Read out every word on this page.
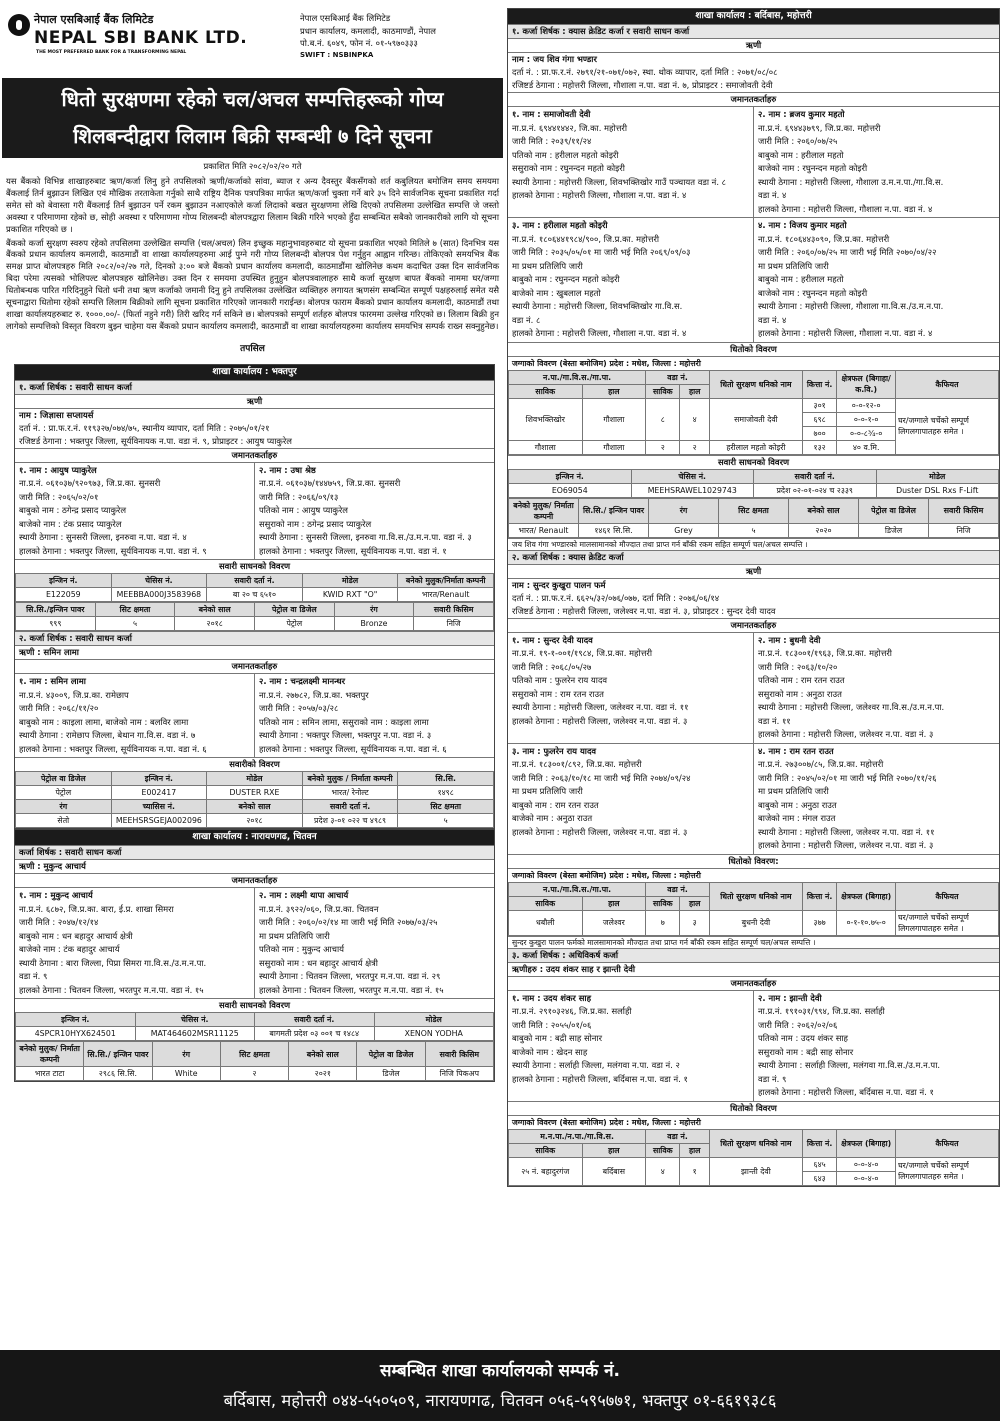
नेपाल एसबिआई बैंक लिमिटेड
NEPAL SBI BANK LTD.
THE MOST PREFERRED BANK FOR A TRANSFORMING NEPAL
नेपाल एसबिआई बैंक लिमिटेड
प्रधान कार्यालय, कमलादी, काठमाण्डौं, नेपाल
पो.ब.नं. ६०४९, फोन नं. ०१-५९७०३३३
SWIFT : NSBINPKA
धितो सुरक्षणमा रहेको चल/अचल सम्पत्तिहरूको गोप्य
शिलबन्दीद्वारा लिलाम बिक्री सम्बन्धी ७ दिने सूचना
प्रकाशित मिति २०८२/०२/२० गते

यस बैंकको विभिन्न शाखाहरुबाट ऋण/कर्जा लिनु हुने तपसिलको ऋणी/कर्जाको सांवा, ब्याज र अन्य दैवस्तुर बैंकसँगको शर्त कबुलियत बमोजिम समय समयमा बैंकलाई तिर्न बुझाउन लिखित एवं मौखिक तरताकेता गर्नुको साथै राष्ट्रिय दैनिक पत्रपत्रिका मार्फत ऋण/कर्जा चुक्ता गर्ने बारे ३५ दिने सार्वजनिक सूचना प्रकाशित गर्दा समेत सो को बेवास्ता गरी बैंकलाई तिर्न बुझाउन पर्ने रकम बुझाउन नआएकोले कर्जा लिदाको बखत सुरक्षणमा लेखि दिएको तपसिलमा उल्लेखित सम्पत्ति जे जस्तो अवस्था र परिमाणमा रहेको छ, सोही अवस्था र परिमाणमा गोप्य शिलबन्दी बोलपत्रद्वारा लिलाम बिक्री गरिने भएको हुँदा सम्बन्धित सबैको जानकारीको लागि यो सूचना प्रकाशित गरिएको छ ।

बैंकको कर्जा सुरक्षण स्वरुप रहेको तपसिलमा उल्लेखित सम्पत्ति (चल/अचल) लिन इच्छुक महानुभावहरुबाट यो सूचना प्रकाशित भएको मितिले ७ (सात) दिनभित्र यस बैंकको प्रधान कार्यालय कमलादी, काठमाडौं वा शाखा कार्यालयहरुमा आई पुग्ने गरी गोप्य शिलबन्दी बोलपत्र पेश गर्नुहुन आह्वान गरिन्छ। तोकिएको समयभित्र बैंक समक्ष प्राप्त बोलपत्रहरु मिति २०८२/०२/२७ गते, दिनको ३:०० बजे बैंकको प्रधान कार्यालय कमलादी, काठमाडौंमा खोलिनेछ कथम कदाचित उक्त दिन सार्वजनिक बिदा परेमा त्यसको भोलिपल्ट बोलपत्रहरु खोलिनेछ। उक्त दिन र समयमा उपस्थित हुनुहुन बोलपत्रवालाहरु साथै कर्जा सुरक्षण बापत बैंकको नाममा घर/जग्गा धितोबन्धक पारित गरिदिनुहुने धितो धनी तथा ऋण कर्जाको जमानी दिनु हुने तपसिलका उल्लेखित व्यक्तिहरु लगायत ऋणसंग सम्बन्धित सम्पूर्ण पक्षहरुलाई समेत यसै सूचनाद्वारा धितोमा रहेको सम्पत्ति लिलाम बिक्रीको लागि सूचना प्रकाशित गरिएको जानकारी गराईन्छ। बोलपत्र फाराम बैंकको प्रधान कार्यालय कमलादी, काठमाडौं तथा शाखा कार्यालयहरुबाट रु. १०००.००/- (फिर्ता नहुने गरी) तिरी खरिद गर्न सकिने छ। बोलपत्रको सम्पूर्ण शर्तहरु बोलपत्र फारममा उल्लेख गरिएको छ। लिलाम बिक्री हुन लागेको सम्पत्तिको विस्तृत विवरण बुझ्न चाहेमा यस बैंकको प्रधान कार्यालय कमलादी, काठमाडौं वा शाखा कार्यालयहरुमा कार्यालय समयभित्र सम्पर्क राख्न सक्नुहुनेछ।

तपसिल
शाखा कार्यालय : भक्तपुर
१. कर्जा शिर्षक : सवारी साधन कर्जा
ऋणी
नाम : जिज्ञासा सप्लायर्स
दर्ता नं. : प्रा.फ.र.नं. ११९३२७/०७४/७५, स्थानीय व्यापार, दर्ता मिति : २०७५/०१/२१
रजिष्टर्ड ठेगाना : भक्तपुर जिल्ला, सूर्यविनायक न.पा. वडा नं. ९, प्रोप्राइटर : आयुष प्याकुरेल
जमानतकर्ताहरु
१. नाम : आयुष प्याकुरेल
ना.प्र.नं. ०६१०३७/९२०९७३, जि.प्र.का. सुनसरी
जारी मिति : २०६५/०२/०१
बाबुको नाम : ठगेन्द्र प्रसाद प्याकुरेल
बाजेको नाम : टंक प्रसाद प्याकुरेल
स्थायी ठेगाना : सुनसरी जिल्ला, इनरुवा न.पा. वडा नं. ४
हालको ठेगाना : भक्तपुर जिल्ला, सूर्यविनायक न.पा. वडा नं. ९
२. नाम : उषा श्रेष्ठ
ना.प्र.नं. ०६१०३७/१४४७५९, जि.प्र.का. सुनसरी
जारी मिति : २०६६/०९/१३
पतिको नाम : आयुष प्याकुरेल
ससुराको नाम : ठगेन्द्र प्रसाद प्याकुरेल
स्थायी ठेगाना : सुनसरी जिल्ला, इनरुवा गा.वि.स./उ.म.न.पा. वडा नं. ३
हालको ठेगाना : भक्तपुर जिल्ला, सूर्यविनायक न.पा. वडा नं. १
सवारी साधनको विवरण
इन्जिन नं.	चेसिस नं.	सवारी दर्ता नं.	मोडेल	बनेको मुलुक/निर्माता कम्पनी
E122059	MEEBBA000J3583968	बा २० च ६५१०	KWID RXT "O"	भारत/Renault
सि.सि./इन्जिन पावर	सिट क्षमता	बनेको साल	पेट्रोल वा डिजेल	रंग	सवारी किसिम
९९९	५	२०१८	पेट्रोल	Bronze	निजि
२. कर्जा शिर्षक : सवारी साधन कर्जा
ऋणी : समिन लामा
जमानतकर्ताहरु
१. नाम : समिन लामा
ना.प्र.नं. ४३००९, जि.प्र.का. रामेछाप
जारी मिति : २०६८/११/२०
बाबुको नाम : काइला लामा, बाजेको नाम : बलविर लामा
स्थायी ठेगाना : रामेछाप जिल्ला, बेथान गा.वि.स. वडा नं. ७
हालको ठेगाना : भक्तपुर जिल्ला, सूर्यविनायक न.पा. वडा नं. ६
२. नाम : चन्द्रलक्ष्मी मानन्धर
ना.प्र.नं. २७७८२, जि.प्र.का. भक्तपुर
जारी मिति : २०५७/०३/२८
पतिको नाम : समिन लामा, ससुराको नाम : काइला लामा
स्थायी ठेगाना : भक्तपुर जिल्ला, भक्तपुर न.पा. वडा नं. ३
हालको ठेगाना : भक्तपुर जिल्ला, सूर्यविनायक न.पा. वडा नं. ६
सवारीको विवरण
पेट्रोल वा डिजेल	इन्जिन नं.	मोडेल	बनेको मुलुक / निर्माता कम्पनी	सि.सि.
पेट्रोल	E002417	DUSTER RXE	भारत/ रेनोल्ट	१४९८
रंग	च्यासिस नं.	बनेको साल	सवारी दर्ता नं.	सिट क्षमता
सेतो	MEEHSRSGEJA002096	२०१८	प्रदेश ३-०१ ०२२ च ४९८९	५
शाखा कार्यालय : नारायणगढ, चितवन
कर्जा शिर्षक : सवारी साधन कर्जा
ऋणी : मुकुन्द आचार्य
जमानतकर्ताहरु
१. नाम : मुकुन्द आचार्य
ना.प्र.नं. ६८७२, जि.प्र.का. बारा, ई.प्र. शाखा सिमरा
जारी मिति : २०४७/१२/१४
बाबुको नाम : धन बहादुर आचार्य क्षेत्री
बाजेको नाम : टंक बहादुर आचार्य
स्थायी ठेगाना : बारा जिल्ला, पिप्रा सिमरा गा.वि.स./उ.म.न.पा.
वडा नं. ९
हालको ठेगाना : चितवन जिल्ला, भरतपुर म.न.पा. वडा नं. १५
२. नाम : लक्ष्मी थापा आचार्य
ना.प्र.नं. ३९२२/०६०, जि.प्र.का. चितवन
जारी मिति : २०६०/०२/१४ मा जारी भई मिति २०७७/०३/२५
मा प्रथम प्रतिलिपि जारी
पतिको नाम : मुकुन्द आचार्य
ससुराको नाम : धन बहादुर आचार्य क्षेत्री
स्थायी ठेगाना : चितवन जिल्ला, भरतपुर म.न.पा. वडा नं. २९
हालको ठेगाना : चितवन जिल्ला, भरतपुर म.न.पा. वडा नं. १५
सवारी साधनको विवरण
इन्जिन नं.	चेसिस नं.	सवारी दर्ता नं.	मोडेल
4SPCR10HYX624501	MAT464602MSR11125	बागमती प्रदेश ०३ ००१ च १४८४	XENON YODHA
बनेको मुलुक/ निर्माता कम्पनी	सि.सि./ इन्जिन पावर	रंग	सिट क्षमता	बनेको साल	पेट्रोल वा डिजेल	सवारी किसिम
भारत टाटा	२९८६ सि.सि.	White	२	२०२१	डिजेल	निजि पिकअप
शाखा कार्यालय : बर्दिबास, महोत्तरी
१. कर्जा शिर्षक : क्यास क्रेडिट कर्जा र सवारी साधन कर्जा
ऋणी
नाम : जय शिव गंगा भण्डार
दर्ता नं. : प्रा.फ.र.नं. २७९१/२१-०७१/०७२, स्था. थोक व्यापार, दर्ता मिति : २०७१/०८/०८
रजिष्टर्ड ठेगाना : महोत्तरी जिल्ला, गौशाला न.पा. वडा नं. ७, प्रोप्राइटर : समाजोवती देवी
जमानतकर्ताहरु
१. नाम : समाजोवती देवी
ना.प्र.नं. ६९४४१४४२, जि.का. महोत्तरी
जारी मिति : २०३९/११/२४
पतिको नाम : हरीलाल महतो कोइरी
ससुराको नाम : रघुनन्दन महतो कोइरी
स्थायी ठेगाना : महोत्तरी जिल्ला, शिवभक्तिखोर गाउँ पञ्चायत वडा नं. ८
हालको ठेगाना : महोत्तरी जिल्ला, गौशाला न.पा. वडा नं. ४
२. नाम : ब्रजय कुमार महतो
ना.प्र.नं. ६९४४३७९९, जि.प्र.का. महोत्तरी
जारी मिति : २०६०/०७/२५
बाबुको नाम : हरीलाल महतो
बाजेको नाम : रघुनन्दन महतो कोइरी
स्थायी ठेगाना : महोत्तरी जिल्ला, गौशाला उ.म.न.पा./गा.वि.स.
वडा नं. ४
हालको ठेगाना : महोत्तरी जिल्ला, गौशाला न.पा. वडा नं. ४
३. नाम : हरीलाल महतो कोइरी
ना.प्र.नं. १८०६४४१९८४/९००, जि.प्र.का. महोत्तरी
जारी मिति : २०३५/०५/०१ मा जारी भई मिति २०६९/०९/०३
मा प्रथम प्रतिलिपि जारी
बाबुको नाम : रघुनन्दन महतो कोइरी
बाजेको नाम : खुबलाल महतो
स्थायी ठेगाना : महोत्तरी जिल्ला, शिवभक्तिखोर गा.वि.स.
वडा नं. ८
हालको ठेगाना : महोत्तरी जिल्ला, गौशाला न.पा. वडा नं. ४
४. नाम : विजय कुमार महतो
ना.प्र.नं. १८०६४४३०९०, जि.प्र.का. महोत्तरी
जारी मिति : २०६०/०७/२५ मा जारी भई मिति २०७०/०४/२२
मा प्रथम प्रतिलिपि जारी
बाबुको नाम : हरीलाल महतो
बाजेको नाम : रघुनन्दन महतो कोइरी
स्थायी ठेगाना : महोत्तरी जिल्ला, गौशाला गा.वि.स./उ.म.न.पा.
वडा नं. ४
हालको ठेगाना : महोत्तरी जिल्ला, गौशाला न.पा. वडा नं. ४
धितोको विवरण
जग्गाको विवरण (बेस्ता बमोजिम) प्रदेश : मधेश, जिल्ला : महोत्तरी
न.पा./गा.वि.स./गा.पा.		वडा नं.		धितो सुरक्षण धनिको नाम	कित्ता नं.	क्षेत्रफल (बिगाहा/क.वि.)	कैफियत
साविक	हाल	साविक	हाल				
शिवभक्तिखोर	गौशाला	८	४	समाजोवती देवी	३०१	०-०-१२-०	घर/जग्गाले चर्चेको सम्पूर्ण लिगलगापातहरु समेत ।
					६९८	०-०-१-०	
					७००	०-०-८³⁄₄-०	
गौशाला	गौशाला	२	२	हरीलाल महतो कोइरी	१३२	४० व.मि.	
सवारी साधनको विवरण
इन्जिन नं.	चेसिस नं.	सवारी दर्ता नं.	मोडेल
EO69054	MEEHSRAWEL1029743	प्रदेश ०२-०१-०२४ च २३३९	Duster DSL Rxs F-Lift
बनेको मुलुक/ निर्माता कम्पनी	सि.सि./ इन्जिन पावर	रंग	सिट क्षमता	बनेको साल	पेट्रोल वा डिजेल	सवारी किसिम
भारत/ Renault	१४६१ सि.सि.	Grey	५	२०२०	डिजेल	निजि
जय शिव गंगा भण्डारको मालसामानको मौज्दात तथा प्राप्त गर्न बाँकी रकम सहित सम्पूर्ण चल/अचल सम्पत्ति ।
२. कर्जा शिर्षक : क्यास क्रेडिट कर्जा
ऋणी
नाम : सुन्दर कुखुरा पालन फर्म
दर्ता नं. : प्रा.फ.र.नं. ६६२५/३२/०७६/०७७, दर्ता मिति : २०७६/०६/१४
रजिष्टर्ड ठेगाना : महोत्तरी जिल्ला, जलेश्वर न.पा. वडा नं. ३, प्रोप्राइटर : सुन्दर देवी यादव
जमानतकर्ताहरु
१. नाम : सुन्दर देवी यादव
ना.प्र.नं. १९-१-००१/१९८४, जि.प्र.का. महोत्तरी
जारी मिति : २०६८/०५/२७
पतिको नाम : फुलरेन राय यादव
ससुराको नाम : राम रतन राउत
स्थायी ठेगाना : महोत्तरी जिल्ला, जलेश्वर न.पा. वडा नं. ११
हालको ठेगाना : महोत्तरी जिल्ला, जलेश्वर न.पा. वडा नं. ३
२. नाम : बुधनी देवी
ना.प्र.नं. १८३००१/१९६३, जि.प्र.का. महोत्तरी
जारी मिति : २०६३/१०/२०
पतिको नाम : राम रतन राउत
ससुराको नाम : अनुठा राउत
स्थायी ठेगाना : महोत्तरी जिल्ला, जलेश्वर गा.वि.स./उ.म.न.पा.
वडा नं. ११
हालको ठेगाना : महोत्तरी जिल्ला, जलेश्वर न.पा. वडा नं. ३
३. नाम : फुलरेन राय यादव
ना.प्र.नं. १८३००१/८९२, जि.प्र.का. महोत्तरी
जारी मिति : २०६३/१०/१८ मा जारी भई मिति २०७४/०९/२४
मा प्रथम प्रतिलिपि जारी
बाबुको नाम : राम रतन राउत
बाजेको नाम : अनुठा राउत
हालको ठेगाना : महोत्तरी जिल्ला, जलेश्वर न.पा. वडा नं. ३
४. नाम : राम रतन राउत
ना.प्र.नं. २७३००७/८५, जि.प्र.का. महोत्तरी
जारी मिति : २०४५/०२/०१ मा जारी भई मिति २०७०/११/२६
मा प्रथम प्रतिलिपि जारी
बाबुको नाम : अनुठा राउत
बाजेको नाम : मंगल राउत
स्थायी ठेगाना : महोत्तरी जिल्ला, जलेश्वर न.पा. वडा नं. ११
हालको ठेगाना : महोत्तरी जिल्ला, जलेश्वर न.पा. वडा नं. ३
धितोको विवरण:
जग्गाको विवरण (बेस्ता बमोजिम) प्रदेश : मधेश, जिल्ला : महोत्तरी
न.पा./गा.वि.स./गा.पा.		वडा नं.		धितो सुरक्षण धनिको नाम	कित्ता नं.	क्षेत्रफल (बिगाहा)	कैफियत
साविक	हाल	साविक	हाल				
धबौली	जलेश्वर	७	३	बुधनी देवी	३७७	०-१-१०.७५-०	घर/जग्गाले चर्चेको सम्पूर्ण लिगलगापातहरु समेत ।
सुन्दर कुखुरा पालन फर्मको मालसामानको मौज्दात तथा प्राप्त गर्न बाँकी रकम सहित सम्पूर्ण चल/अचल सम्पत्ति ।
३. कर्जा शिर्षक : अधिविकर्ष कर्जा
ऋणीहरु : उदय शंकर साह र झान्ती देवी
जमानतकर्ताहरु
१. नाम : उदय शंकर साह
ना.प्र.नं. २९१०३२४६, जि.प्र.का. सर्लाही
जारी मिति : २०५५/०१/०६
बाबुको नाम : बद्री साह सोनार
बाजेको नाम : खेदन साह
स्थायी ठेगाना : सर्लाही जिल्ला, मलंगवा न.पा. वडा नं. २
हालको ठेगाना : महोत्तरी जिल्ला, बर्दिबास न.पा. वडा नं. १
२. नाम : झान्ती देवी
ना.प्र.नं. १९१०३१/९९४, जि.प्र.का. सर्लाही
जारी मिति : २०६२/०२/०६
पतिको नाम : उदय शंकर साह
ससुराको नाम : बद्री साह सोनार
स्थायी ठेगाना : सर्लाही जिल्ला, मलंगवा गा.वि.स./उ.म.न.पा.
वडा नं. ९
हालको ठेगाना : महोत्तरी जिल्ला, बर्दिबास न.पा. वडा नं. १
धितोको विवरण
जग्गाको विवरण (बेस्ता बमोजिम) प्रदेश : मधेश, जिल्ला : महोत्तरी
म.न.पा./न.पा./गा.वि.स.		वडा नं.		धितो सुरक्षण धनिको नाम	कित्ता नं.	क्षेत्रफल (बिगाहा)	कैफियत
साविक	हाल	साविक	हाल				
२५ नं. बहादुरगंज	बर्दिबास	४	१	झान्ती देवी	६४५	०-०-४-०	घर/जग्गाले चर्चेको सम्पूर्ण लिगलगापातहरु समेत ।
					६४३	०-०-४-०	
सम्बन्धित शाखा कार्यालयको सम्पर्क नं.
बर्दिबास, महोत्तरी ०४४-५५०५०९, नारायणगढ, चितवन ०५६-५९५७७१, भक्तपुर ०१-६६१९३८६
